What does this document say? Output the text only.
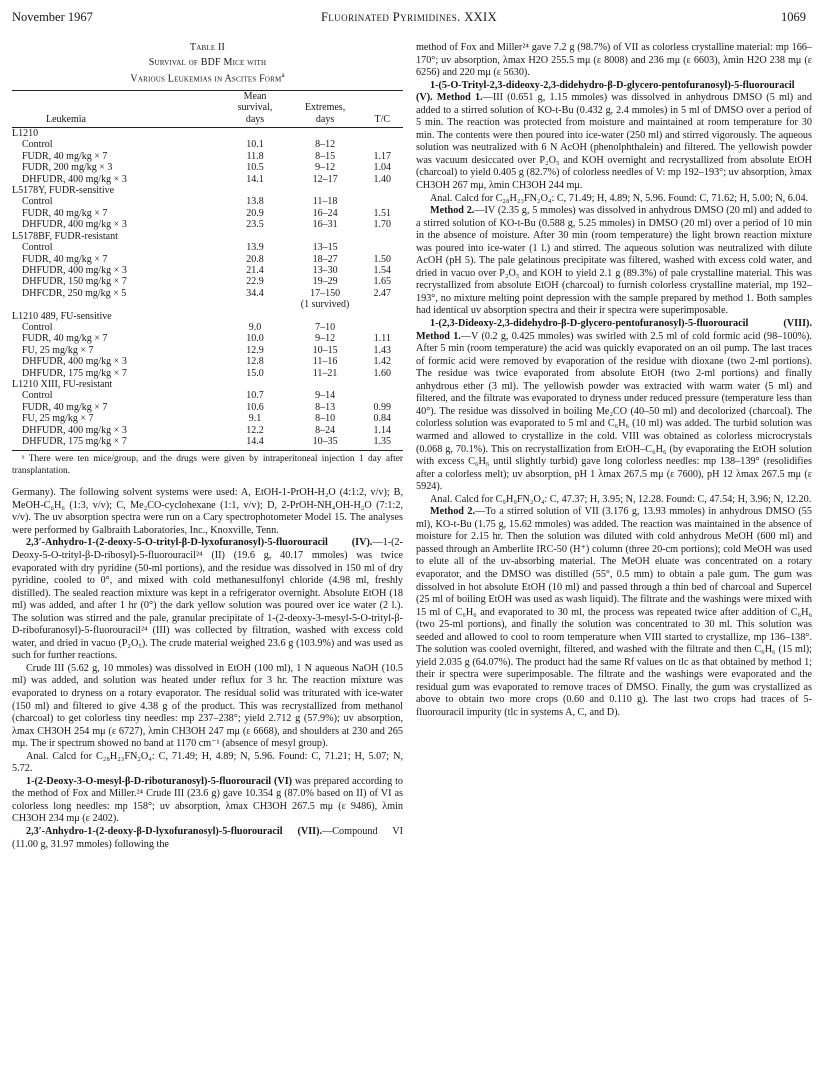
November 1967	Fluorinated Pyrimidines. XXIX	1069
Table II
Survival of BDF Mice with
Various Leukemias in Ascites Form$^a$

Leukemia	Mean
survival,
days	Extremes,
days	T/C

L1210			
Control	10.1	8–12	
FUDR, 40 mg/kg × 7	11.8	8–15	1.17
FUDR, 200 mg/kg × 3	10.5	9–12	1.04
DHFUDR, 400 mg/kg × 3	14.1	12–17	1.40
L5178Y, FUDR-sensitive			
Control	13.8	11–18	
FUDR, 40 mg/kg × 7	20.9	16–24	1.51
DHFUDR, 400 mg/kg × 3	23.5	16–31	1.70
L5178BF, FUDR-resistant			
Control	13.9	13–15	
FUDR, 40 mg/kg × 7	20.8	18–27	1.50
DHFUDR, 400 mg/kg × 3	21.4	13–30	1.54
DHFUDR, 150 mg/kg × 7	22.9	19–29	1.65
DHFCDR, 250 mg/kg × 5	34.4	17–150	2.47
		(1 survived)	
L1210 489, FU-sensitive			
Control	9.0	7–10	
FUDR, 40 mg/kg × 7	10.0	9–12	1.11
FU, 25 mg/kg × 7	12.9	10–15	1.43
DHFUDR, 400 mg/kg × 3	12.8	11–16	1.42
DHFUDR, 175 mg/kg × 7	15.0	11–21	1.60
L1210 XIII, FU-resistant			
Control	10.7	9–14	
FUDR, 40 mg/kg × 7	10.6	8–13	0.99
FU, 25 mg/kg × 7	9.1	8–10	0.84
DHFUDR, 400 mg/kg × 3	12.2	8–24	1.14
DHFUDR, 175 mg/kg × 7	14.4	10–35	1.35

ᵃ There were ten mice/group, and the drugs were given by intraperitoneal injection 1 day after transplantation.

Germany). The following solvent systems were used: A, EtOH-1-PrOH-H₂O (4:1:2, v/v); B, MeOH-C₆H₆ (1:3, v/v); C, Me₂CO-cyclohexane (1:1, v/v); D, 2-PrOH-NH₄OH-H₂O (7:1:2, v/v). The uv absorption spectra were run on a Cary spectrophotometer Model 15. The analyses were performed by Galbraith Laboratories, Inc., Knoxville, Tenn.

2,3′-Anhydro-1-(2-deoxy-5-O-trityl-β-D-lyxofuranosyl)-5-fluorouracil (IV).—1-(2-Deoxy-5-O-trityl-β-D-ribosyl)-5-fluorouracil²⁴ (II) (19.6 g, 40.17 mmoles) was twice evaporated with dry pyridine (50-ml portions), and the residue was dissolved in 150 ml of dry pyridine, cooled to 0°, and mixed with cold methanesulfonyl chloride (4.98 ml, freshly distilled). The sealed reaction mixture was kept in a refrigerator overnight. Absolute EtOH (18 ml) was added, and after 1 hr (0°) the dark yellow solution was poured over ice water (2 l.). The solution was stirred and the pale, granular precipitate of 1-(2-deoxy-3-mesyl-5-O-trityl-β-D-ribofuranosyl)-5-fluorouracil²⁴ (III) was collected by filtration, washed with excess cold water, and dried in vacuo (P₂O₅). The crude material weighed 23.6 g (103.9%) and was used as such for further reactions.

Crude III (5.62 g, 10 mmoles) was dissolved in EtOH (100 ml), 1 N aqueous NaOH (10.5 ml) was added, and solution was heated under reflux for 3 hr. The reaction mixture was evaporated to dryness on a rotary evaporator. The residual solid was triturated with ice-water (150 ml) and filtered to give 4.38 g of the product. This was recrystallized from methanol (charcoal) to get colorless tiny needles: mp 237–238°; yield 2.712 g (57.9%); uv absorption, λmax CH3OH 254 mμ (ε 6727), λmin CH3OH 247 mμ (ε 6668), and shoulders at 230 and 265 mμ. The ir spectrum showed no band at 1170 cm⁻¹ (absence of mesyl group).

Anal. Calcd for C₂₈H₂₃FN₂O₄: C, 71.49; H, 4.89; N, 5.96. Found: C, 71.21; H, 5.07; N, 5.72.

1-(2-Deoxy-3-O-mesyl-β-D-riboturanosyl)-5-fluorouracil (VI) was prepared according to the method of Fox and Miller.²⁴ Crude III (23.6 g) gave 10.354 g (87.0% based on II) of VI as colorless long needles: mp 158°; uv absorption, λmax CH3OH 267.5 mμ (ε 9486), λmin CH3OH 234 mμ (ε 2402).

2,3′-Anhydro-1-(2-deoxy-β-D-lyxofuranosyl)-5-fluorouracil (VII).—Compound VI (11.00 g, 31.97 mmoles) following the

method of Fox and Miller²⁴ gave 7.2 g (98.7%) of VII as colorless crystalline material: mp 166–170°; uv absorption, λmax H2O 255.5 mμ (ε 8008) and 236 mμ (ε 6603), λmin H2O 238 mμ (ε 6256) and 220 mμ (ε 5630).

1-(5-O-Trityl-2,3-dideoxy-2,3-didehydro-β-D-glycero-pentofuranosyl)-5-fluorouracil (V). Method 1.—III (0.651 g, 1.15 mmoles) was dissolved in anhydrous DMSO (5 ml) and added to a stirred solution of KO-t-Bu (0.432 g, 2.4 mmoles) in 5 ml of DMSO over a period of 5 min. The reaction was protected from moisture and maintained at room temperature for 30 min. The contents were then poured into ice-water (250 ml) and stirred vigorously. The aqueous solution was neutralized with 6 N AcOH (phenolphthalein) and filtered. The yellowish powder was vacuum desiccated over P₂O₅ and KOH overnight and recrystallized from absolute EtOH (charcoal) to yield 0.405 g (82.7%) of colorless needles of V: mp 192–193°; uv absorption, λmax CH3OH 267 mμ, λmin CH3OH 244 mμ.

Anal. Calcd for C₂₈H₂₃FN₂O₄: C, 71.49; H, 4.89; N, 5.96. Found: C, 71.62; H, 5.00; N, 6.04.

Method 2.—IV (2.35 g, 5 mmoles) was dissolved in anhydrous DMSO (20 ml) and added to a stirred solution of KO-t-Bu (0.588 g, 5.25 mmoles) in DMSO (20 ml) over a period of 10 min in the absence of moisture. After 30 min (room temperature) the light brown reaction mixture was poured into ice-water (1 l.) and stirred. The aqueous solution was neutralized with dilute AcOH (pH 5). The pale gelatinous precipitate was filtered, washed with excess cold water, and dried in vacuo over P₂O₅ and KOH to yield 2.1 g (89.3%) of pale crystalline material. This was recrystallized from absolute EtOH (charcoal) to furnish colorless crystalline material, mp 192–193°, no mixture melting point depression with the sample prepared by method 1. Both samples had identical uv absorption spectra and their ir spectra were superimposable.

1-(2,3-Dideoxy-2,3-didehydro-β-D-glycero-pentofuranosyl)-5-fluorouracil (VIII). Method 1.—V (0.2 g, 0.425 mmoles) was swirled with 2.5 ml of cold formic acid (98–100%). After 5 min (room temperature) the acid was quickly evaporated on an oil pump. The last traces of formic acid were removed by evaporation of the residue with dioxane (two 2-ml portions). The residue was twice evaporated from absolute EtOH (two 2-ml portions) and finally anhydrous ether (3 ml). The yellowish powder was extracted with warm water (5 ml) and filtered, and the filtrate was evaporated to dryness under reduced pressure (temperature less than 40°). The residue was dissolved in boiling Me₂CO (40–50 ml) and decolorized (charcoal). The colorless solution was evaporated to 5 ml and C₆H₆ (10 ml) was added. The turbid solution was warmed and allowed to crystallize in the cold. VIII was obtained as colorless microcrystals (0.068 g, 70.1%). This on recrystallization from EtOH–C₆H₆ (by evaporating the EtOH solution with excess C₆H₆ until slightly turbid) gave long colorless needles: mp 138–139° (resolidifies after a colorless melt); uv absorption, pH 1 λmax 267.5 mμ (ε 7600), pH 12 λmax 267.5 mμ (ε 5924).

Anal. Calcd for C₉H₉FN₂O₄: C, 47.37; H, 3.95; N, 12.28. Found: C, 47.54; H, 3.96; N, 12.20.

Method 2.—To a stirred solution of VII (3.176 g, 13.93 mmoles) in anhydrous DMSO (55 ml), KO-t-Bu (1.75 g, 15.62 mmoles) was added. The reaction was maintained in the absence of moisture for 2.15 hr. Then the solution was diluted with cold anhydrous MeOH (600 ml) and passed through an Amberlite IRC-50 (H⁺) column (three 20-cm portions); cold MeOH was used to elute all of the uv-absorbing material. The MeOH eluate was concentrated on a rotary evaporator, and the DMSO was distilled (55°, 0.5 mm) to obtain a pale gum. The gum was dissolved in hot absolute EtOH (10 ml) and passed through a thin bed of charcoal and Supercel (25 ml of boiling EtOH was used as wash liquid). The filtrate and the washings were mixed with 15 ml of C₆H₆ and evaporated to 30 ml, the process was repeated twice after addition of C₆H₆ (two 25-ml portions), and finally the solution was concentrated to 30 ml. This solution was seeded and allowed to cool to room temperature when VIII started to crystallize, mp 136–138°. The solution was cooled overnight, filtered, and washed with the filtrate and then C₆H₆ (15 ml); yield 2.035 g (64.07%). The product had the same Rf values on tlc as that obtained by method 1; their ir spectra were superimposable. The filtrate and the washings were evaporated and the residual gum was evaporated to remove traces of DMSO. Finally, the gum was crystallized as above to obtain two more crops (0.60 and 0.110 g). The last two crops had traces of 5-fluorouracil impurity (tlc in systems A, C, and D).
